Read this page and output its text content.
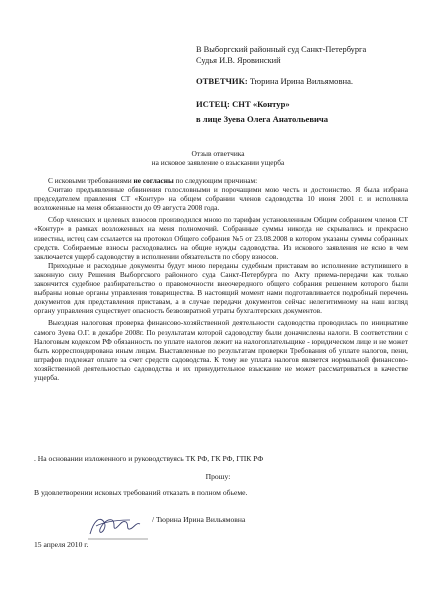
В Выборгский районный суд Санкт-Петербурга
Судья И.В. Яровинский
ОТВЕТЧИК: Тюрина Ирина Вильямовна.
ИСТЕЦ: СНТ «Контур»
в лице Зуева Олега Анатольевича
Отзыв ответчика
на исковое заявление о взыскании ущерба

С исковыми требованиями не согласны по следующим причинам:

Считаю предъявленные обвинения голословными и порочащими мою честь и достоинство. Я была избрана председателем правления СТ «Контур» на общем собрании членов садоводства 10 июня 2001 г. и исполняла возложенные на меня обязанности до 09 августа 2008 года.

Сбор членских и целевых взносов производился мною по тарифам установленным Общим собранием членов СТ «Контур» в рамках возложенных на меня полномочий. Собранные суммы никогда не скрывались и прекрасно известны, истец сам ссылается на протокол Общего собрания №5 от 23.08.2008 в котором указаны суммы собранных средств. Собираемые взносы расходовались на общие нужды садоводства. Из искового заявления не ясно в чем заключается ущерб садоводству в исполнении обязательств по сбору взносов.

Приходные и расходные документы будут мною переданы судебным приставам во исполнение вступившего в законную силу Решения Выборгского районного суда Санкт-Петербурга по Акту приема-передачи как только закончится судебное разбирательство о правомочности внеочередного общего собрания решением которого были выбраны новые органы управления товарищества. В настоящий момент нами подготавливается подробный перечень документов для представления приставам, а в случае передачи документов сейчас нелегитимному на наш взгляд органу управления существует опасность безвозвратной утраты бухгалтерских документов.

Выездная налоговая проверка финансово-хозяйственной деятельности садоводства проводилась по инициативе самого Зуева О.Г. в декабре 2008г. По результатам которой садоводству были доначислены налоги. В соответствии с Налоговым кодексом РФ обязанность по уплате налогов лежит на налогоплательщике - юридическом лице и не может быть корреспондирована иным лицам. Выставленные по результатам проверки Требования об уплате налогов, пени, штрафов подлежат оплате за счет средств садоводства. К тому же уплата налогов является нормальной финансово-хозяйственной деятельностью садоводства и их принудительное взыскание не может рассматриваться в качестве ущерба.

. На основании изложенного и руководствуясь ТК РФ, ГК РФ, ГПК РФ
Прошу:
В удовлетворении исковых требований отказать в полном обьеме.
/ Тюрина Ирина Вильямовна
15 апреля 2010 г.
